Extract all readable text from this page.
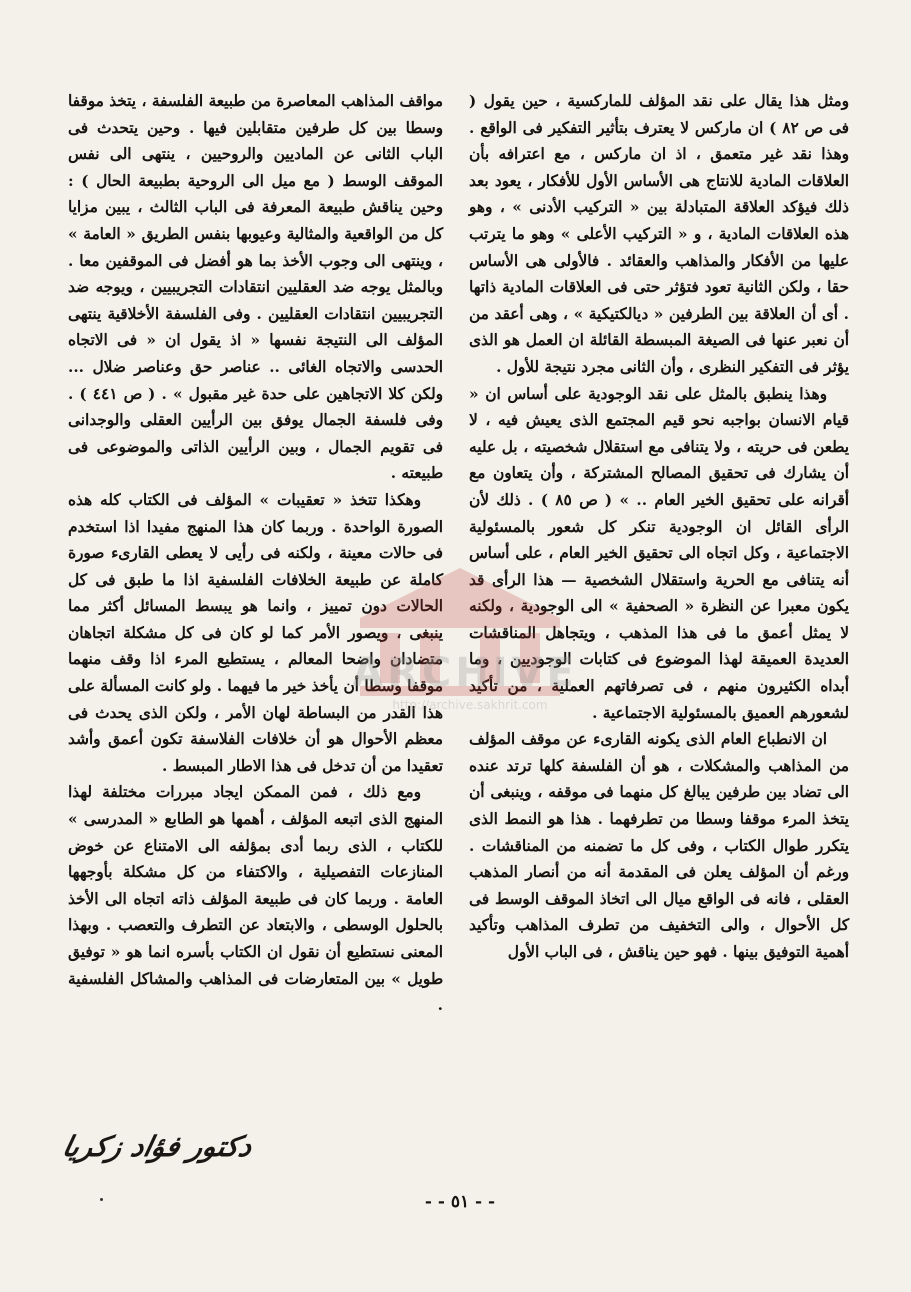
ومثل هذا يقال على نقد المؤلف للماركسية ، حين يقول ( فى ص ٨٢ ) ان ماركس لا يعترف بتأثير التفكير فى الواقع . وهذا نقد غير متعمق ، اذ ان ماركس ، مع اعترافه بأن العلاقات المادية للانتاج هى الأساس الأول للأفكار ، يعود بعد ذلك فيؤكد العلاقة المتبادلة بين « التركيب الأدنى » ، وهو هذه العلاقات المادية ، و « التركيب الأعلى » وهو ما يترتب عليها من الأفكار والمذاهب والعقائد . فالأولى هى الأساس حقا ، ولكن الثانية تعود فتؤثر حتى فى العلاقات المادية ذاتها . أى أن العلاقة بين الطرفين « ديالكتيكية » ، وهى أعقد من أن نعبر عنها فى الصيغة المبسطة القائلة ان العمل هو الذى يؤثر فى التفكير النظرى ، وأن الثانى مجرد نتيجة للأول .

وهذا ينطبق بالمثل على نقد الوجودية على أساس ان « قيام الانسان بواجبه نحو قيم المجتمع الذى يعيش فيه ، لا يطعن فى حريته ، ولا يتنافى مع استقلال شخصيته ، بل عليه أن يشارك فى تحقيق المصالح المشتركة ، وأن يتعاون مع أقرانه على تحقيق الخير العام .. » ( ص ٨٥ ) . ذلك لأن الرأى القائل ان الوجودية تنكر كل شعور بالمسئولية الاجتماعية ، وكل اتجاه الى تحقيق الخير العام ، على أساس أنه يتنافى مع الحرية واستقلال الشخصية — هذا الرأى قد يكون معبرا عن النظرة « الصحفية » الى الوجودية ، ولكنه لا يمثل أعمق ما فى هذا المذهب ، ويتجاهل المناقشات العديدة العميقة لهذا الموضوع فى كتابات الوجوديين ، وما أبداه الكثيرون منهم ، فى تصرفاتهم العملية ، من تأكيد لشعورهم العميق بالمسئولية الاجتماعية .

ان الانطباع العام الذى يكونه القارىء عن موقف المؤلف من المذاهب والمشكلات ، هو أن الفلسفة كلها ترتد عنده الى تضاد بين طرفين يبالغ كل منهما فى موقفه ، وينبغى أن يتخذ المرء موقفا وسطا من تطرفهما . هذا هو النمط الذى يتكرر طوال الكتاب ، وفى كل ما تضمنه من المناقشات . ورغم أن المؤلف يعلن فى المقدمة أنه من أنصار المذهب العقلى ، فانه فى الواقع ميال الى اتخاذ الموقف الوسط فى كل الأحوال ، والى التخفيف من تطرف المذاهب وتأكيد أهمية التوفيق بينها . فهو حين يناقش ، فى الباب الأول

مواقف المذاهب المعاصرة من طبيعة الفلسفة ، يتخذ موقفا وسطا بين كل طرفين متقابلين فيها . وحين يتحدث فى الباب الثانى عن الماديين والروحيين ، ينتهى الى نفس الموقف الوسط ( مع ميل الى الروحية بطبيعة الحال ) : وحين يناقش طبيعة المعرفة فى الباب الثالث ، يبين مزايا كل من الواقعية والمثالية وعيوبها بنفس الطريق « العامة » ، وينتهى الى وجوب الأخذ بما هو أفضل فى الموقفين معا . وبالمثل يوجه ضد العقليين انتقادات التجريبيين ، ويوجه ضد التجريبيين انتقادات العقليين . وفى الفلسفة الأخلاقية ينتهى المؤلف الى النتيجة نفسها « اذ يقول ان « فى الاتجاه الحدسى والاتجاه الغائى .. عناصر حق وعناصر ضلال ... ولكن كلا الاتجاهين على حدة غير مقبول » . ( ص ٤٤١ ) . وفى فلسفة الجمال يوفق بين الرأيين العقلى والوجدانى فى تقويم الجمال ، وبين الرأيين الذاتى والموضوعى فى طبيعته .

وهكذا تتخذ « تعقيبات » المؤلف فى الكتاب كله هذه الصورة الواحدة . وربما كان هذا المنهج مفيدا اذا استخدم فى حالات معينة ، ولكنه فى رأيى لا يعطى القارىء صورة كاملة عن طبيعة الخلافات الفلسفية اذا ما طبق فى كل الحالات دون تمييز ، وانما هو يبسط المسائل أكثر مما ينبغى ، ويصور الأمر كما لو كان فى كل مشكلة اتجاهان متضادان واضحا المعالم ، يستطيع المرء اذا وقف منهما موقفا وسطا أن يأخذ خير ما فيهما . ولو كانت المسألة على هذا القدر من البساطة لهان الأمر ، ولكن الذى يحدث فى معظم الأحوال هو أن خلافات الفلاسفة تكون أعمق وأشد تعقيدا من أن تدخل فى هذا الاطار المبسط .

ومع ذلك ، فمن الممكن ايجاد مبررات مختلفة لهذا المنهج الذى اتبعه المؤلف ، أهمها هو الطابع « المدرسى » للكتاب ، الذى ربما أدى بمؤلفه الى الامتناع عن خوض المنازعات التفصيلية ، والاكتفاء من كل مشكلة بأوجهها العامة . وربما كان فى طبيعة المؤلف ذاته اتجاه الى الأخذ بالحلول الوسطى ، والابتعاد عن التطرف والتعصب . وبهذا المعنى نستطيع أن نقول ان الكتاب بأسره انما هو « توفيق طويل » بين المتعارضات فى المذاهب والمشاكل الفلسفية .

دكتور فؤاد زكريا
ARCHIVE
http://archive.sakhrit.com
- - ٥١ - -
